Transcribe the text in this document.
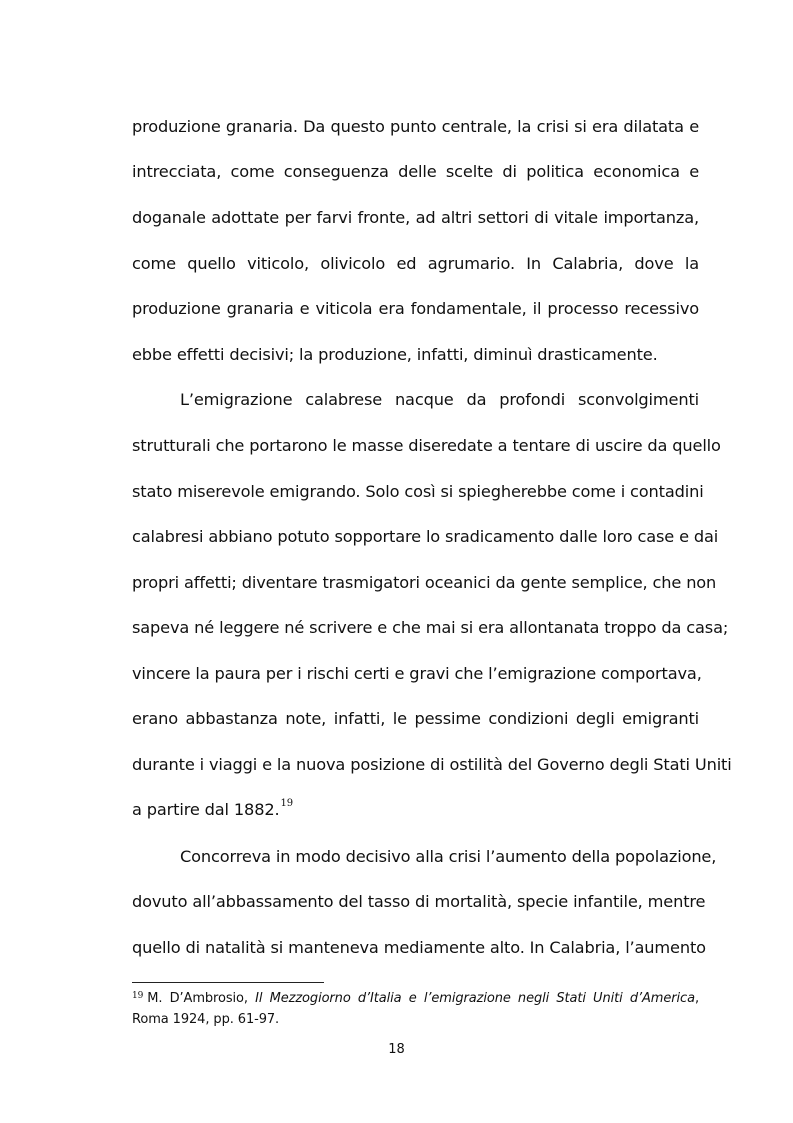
produzione granaria. Da questo punto centrale, la crisi si era dilatata e
intrecciata, come conseguenza delle scelte di politica economica e
doganale adottate per farvi fronte, ad altri settori di vitale importanza,
come quello viticolo, olivicolo ed agrumario. In Calabria, dove la
produzione granaria e viticola era fondamentale, il processo recessivo
ebbe effetti decisivi; la produzione, infatti, diminuì drasticamente.
L’emigrazione calabrese nacque da profondi sconvolgimenti
strutturali che portarono le masse diseredate a tentare di uscire da quello
stato miserevole emigrando. Solo così si spiegherebbe come i contadini
calabresi abbiano potuto sopportare lo sradicamento dalle loro case e dai
propri affetti; diventare trasmigatori oceanici da gente semplice, che non
sapeva né leggere né scrivere e che mai si era allontanata troppo da casa;
vincere la paura per i rischi certi e gravi che l’emigrazione comportava,
erano abbastanza note, infatti, le pessime condizioni degli emigranti
durante i viaggi e la nuova posizione di ostilità del Governo degli Stati Uniti
a partire dal 1882.19
Concorreva in modo decisivo alla crisi l’aumento della popolazione,
dovuto all’abbassamento del tasso di mortalità, specie infantile, mentre
quello di natalità si manteneva mediamente alto. In Calabria, l’aumento
$^{19}$ M. D’Ambrosio, Il Mezzogiorno d’Italia e l’emigrazione negli Stati Uniti d’America,
Roma 1924, pp. 61-97.
18
